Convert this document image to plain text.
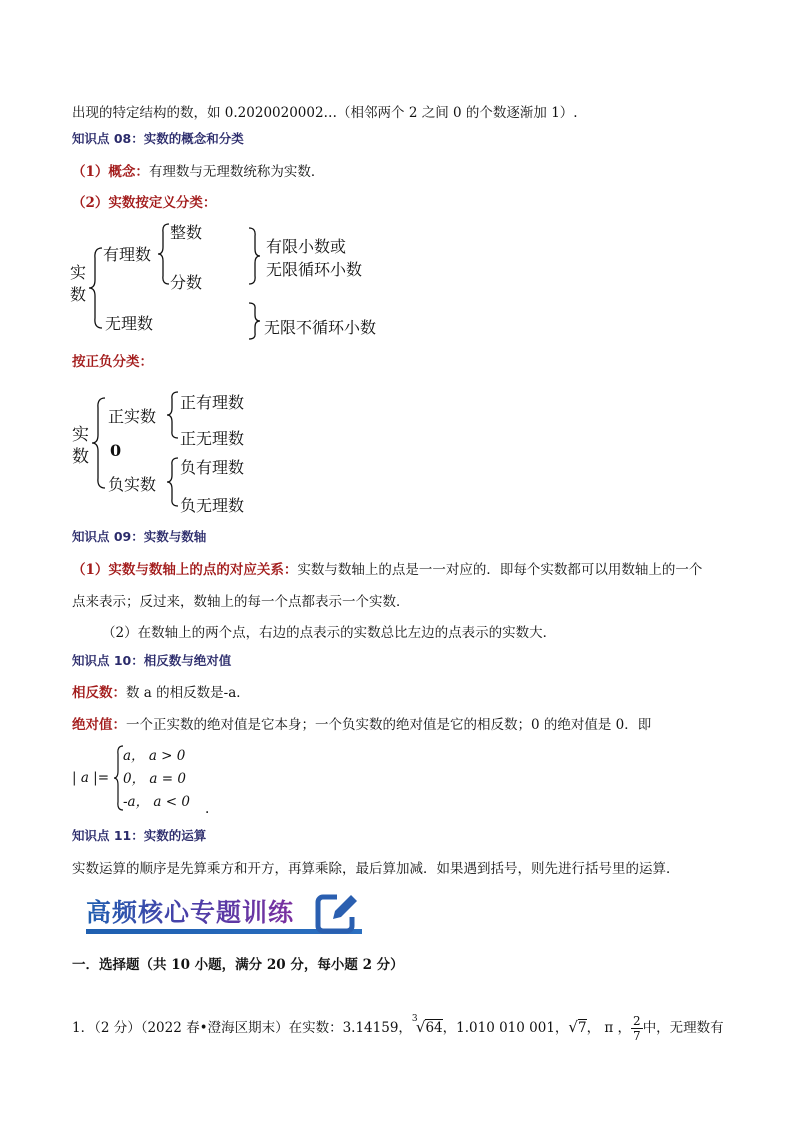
出现的特定结构的数，如 0.2020020002…（相邻两个 2 之间 0 的个数逐渐加 1）.
知识点 08：实数的概念和分类
（1）概念：有理数与无理数统称为实数．
（2）实数按定义分类：
实数
有理数
整数
分数
有限小数或
无限循环小数
无理数	无限不循环小数
按正负分类：
实数
正实数
正有理数
正无理数
0
负实数
负有理数
负无理数
知识点 09：实数与数轴
（1）实数与数轴上的点的对应关系：实数与数轴上的点是一一对应的．即每个实数都可以用数轴上的一个
点来表示；反过来，数轴上的每一个点都表示一个实数．
（2）在数轴上的两个点，右边的点表示的实数总比左边的点表示的实数大．
知识点 10：相反数与绝对值
相反数：数 a 的相反数是-a．
绝对值：一个正实数的绝对值是它本身；一个负实数的绝对值是它的相反数；0 的绝对值是 0．即
| a |=
a， a > 0
0， a = 0
-a， a < 0 .
知识点 11：实数的运算
实数运算的顺序是先算乘方和开方，再算乘除，最后算加减．如果遇到括号，则先进行括号里的运算．
高频核心专题训练
一．选择题（共 10 小题，满分 20 分，每小题 2 分）
1．（2 分）（2022 春•澄海区期末）在实数：3.14159，
3
√64，1.010 010 001，√7， π ， $\frac{2}{7}$ 中，无理数有
